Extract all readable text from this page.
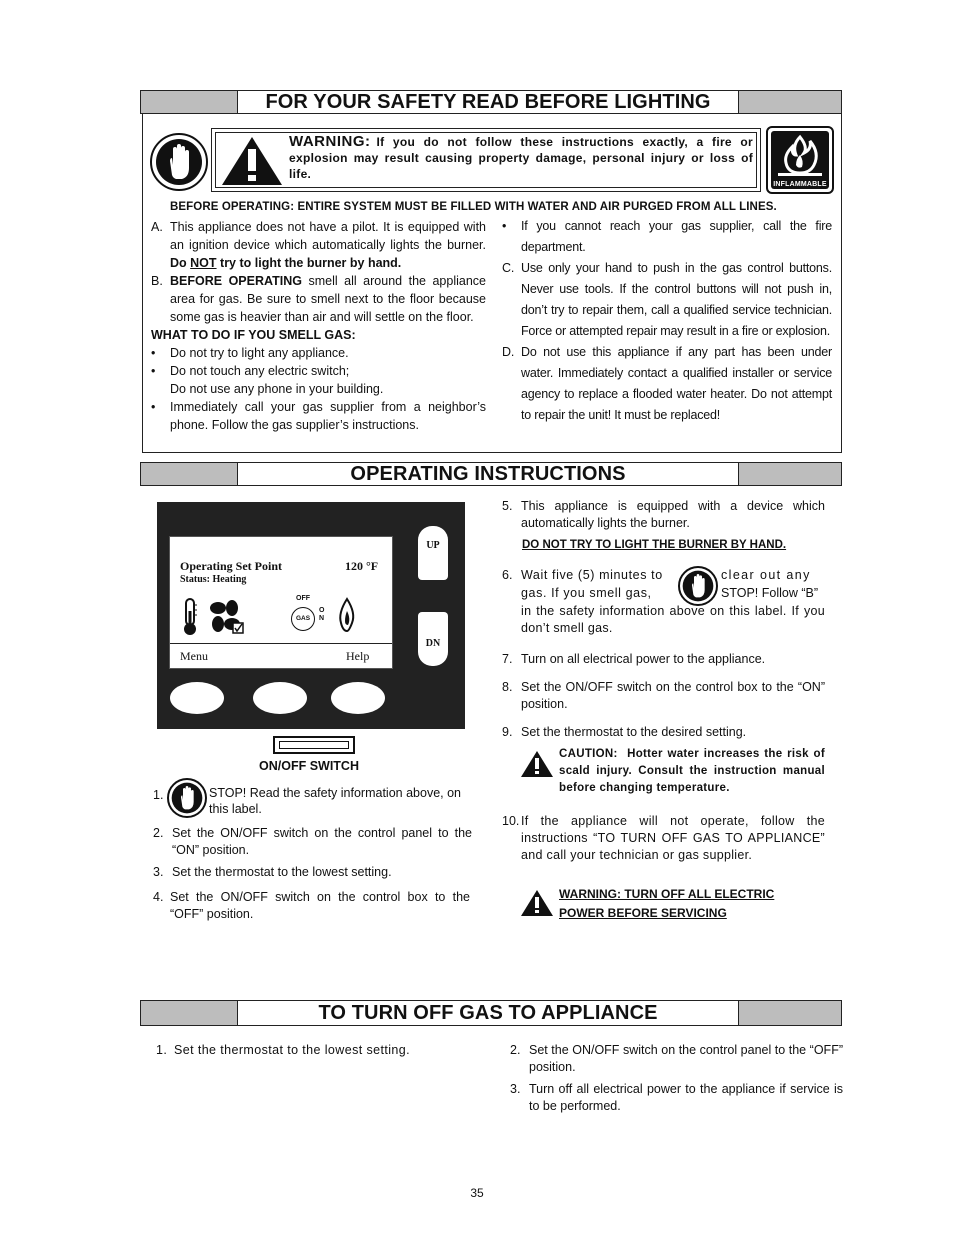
FOR YOUR SAFETY READ BEFORE LIGHTING
WARNING: If you do not follow these instructions exactly, a fire or explosion may result causing property damage, personal injury or loss of life.
INFLAMMABLE
BEFORE OPERATING: ENTIRE SYSTEM MUST BE FILLED WITH WATER AND AIR PURGED FROM ALL LINES.
A. This appliance does not have a pilot. It is equipped with an ignition device which automatically lights the burner. Do NOT try to light the burner by hand.
B. BEFORE OPERATING smell all around the appliance area for gas. Be sure to smell next to the floor because some gas is heavier than air and will settle on the floor.
WHAT TO DO IF YOU SMELL GAS:
• Do not try to light any appliance.
• Do not touch any electric switch;
Do not use any phone in your building.
• Immediately call your gas supplier from a neighbor’s phone. Follow the gas supplier’s instructions.
• If you cannot reach your gas supplier, call the fire department.
C. Use only your hand to push in the gas control buttons. Never use tools. If the control buttons will not push in, don’t try to repair them, call a qualified service technician. Force or attempted repair may result in a fire or explosion.
D. Do not use this appliance if any part has been under water. Immediately contact a qualified installer or service agency to replace a flooded water heater. Do not attempt to repair the unit! It must be replaced!
OPERATING INSTRUCTIONS
Operating Set Point	120 °F
Status: Heating
OFF
GAS
O
N
Menu	Help
UP
DN
ON/OFF SWITCH
1.	STOP! Read the safety information above, on this label.
2. Set the ON/OFF switch on the control panel to the “ON” position.
3. Set the thermostat to the lowest setting.
4. Set the ON/OFF switch on the control box to the “OFF” position.
5. This appliance is equipped with a device which automatically lights the burner.
DO NOT TRY TO LIGHT THE BURNER BY HAND.
6. Wait five (5) minutes to	clear out any
gas. If you smell gas,	STOP! Follow “B”
in the safety information above on this label. If you don’t smell gas.
7. Turn on all electrical power to the appliance.
8. Set the ON/OFF switch on the control box to the “ON” position.
9. Set the thermostat to the desired setting.
CAUTION:  Hotter water increases the risk of scald injury. Consult the instruction manual before changing temperature.
10. If the appliance will not operate, follow the instructions “TO TURN OFF GAS TO APPLIANCE” and call your technician or gas supplier.
WARNING: TURN OFF ALL ELECTRIC
POWER BEFORE SERVICING
TO TURN OFF GAS TO APPLIANCE
1. Set the thermostat to the lowest setting.	2. Set the ON/OFF switch on the control panel to the “OFF” position.
3. Turn off all electrical power to the appliance if service is to be performed.
35
